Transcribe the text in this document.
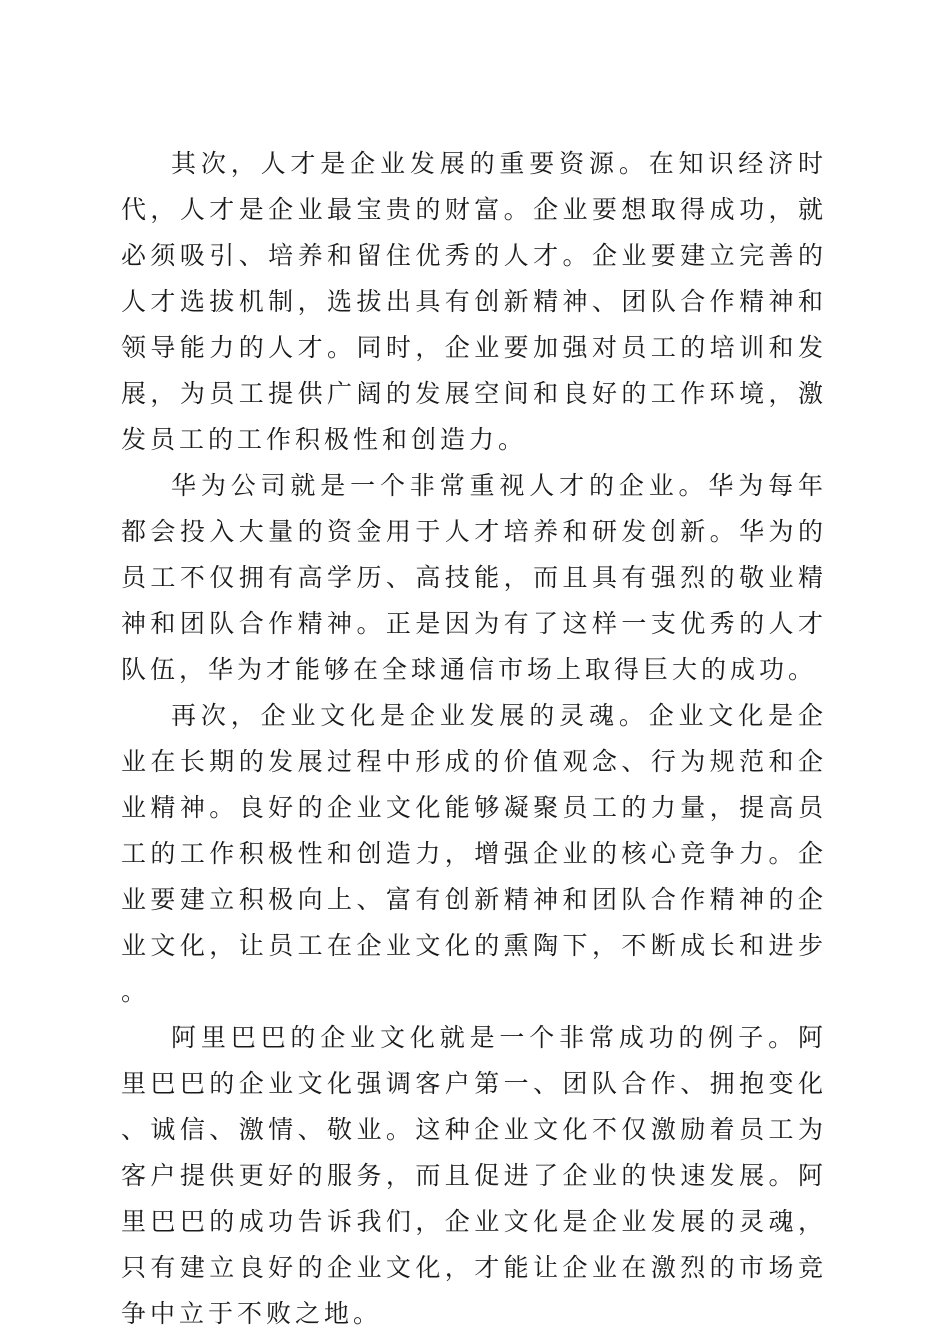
其次，人才是企业发展的重要资源。在知识经济时代，人才是企业最宝贵的财富。企业要想取得成功，就必须吸引、培养和留住优秀的人才。企业要建立完善的人才选拔机制，选拔出具有创新精神、团队合作精神和领导能力的人才。同时，企业要加强对员工的培训和发展，为员工提供广阔的发展空间和良好的工作环境，激发员工的工作积极性和创造力。

华为公司就是一个非常重视人才的企业。华为每年都会投入大量的资金用于人才培养和研发创新。华为的员工不仅拥有高学历、高技能，而且具有强烈的敬业精神和团队合作精神。正是因为有了这样一支优秀的人才队伍，华为才能够在全球通信市场上取得巨大的成功。

再次，企业文化是企业发展的灵魂。企业文化是企业在长期的发展过程中形成的价值观念、行为规范和企业精神。良好的企业文化能够凝聚员工的力量，提高员工的工作积极性和创造力，增强企业的核心竞争力。企业要建立积极向上、富有创新精神和团队合作精神的企业文化，让员工在企业文化的熏陶下，不断成长和进步。

阿里巴巴的企业文化就是一个非常成功的例子。阿里巴巴的企业文化强调客户第一、团队合作、拥抱变化、诚信、激情、敬业。这种企业文化不仅激励着员工为客户提供更好的服务，而且促进了企业的快速发展。阿里巴巴的成功告诉我们，企业文化是企业发展的灵魂，只有建立良好的企业文化，才能让企业在激烈的市场竞争中立于不败之地。
